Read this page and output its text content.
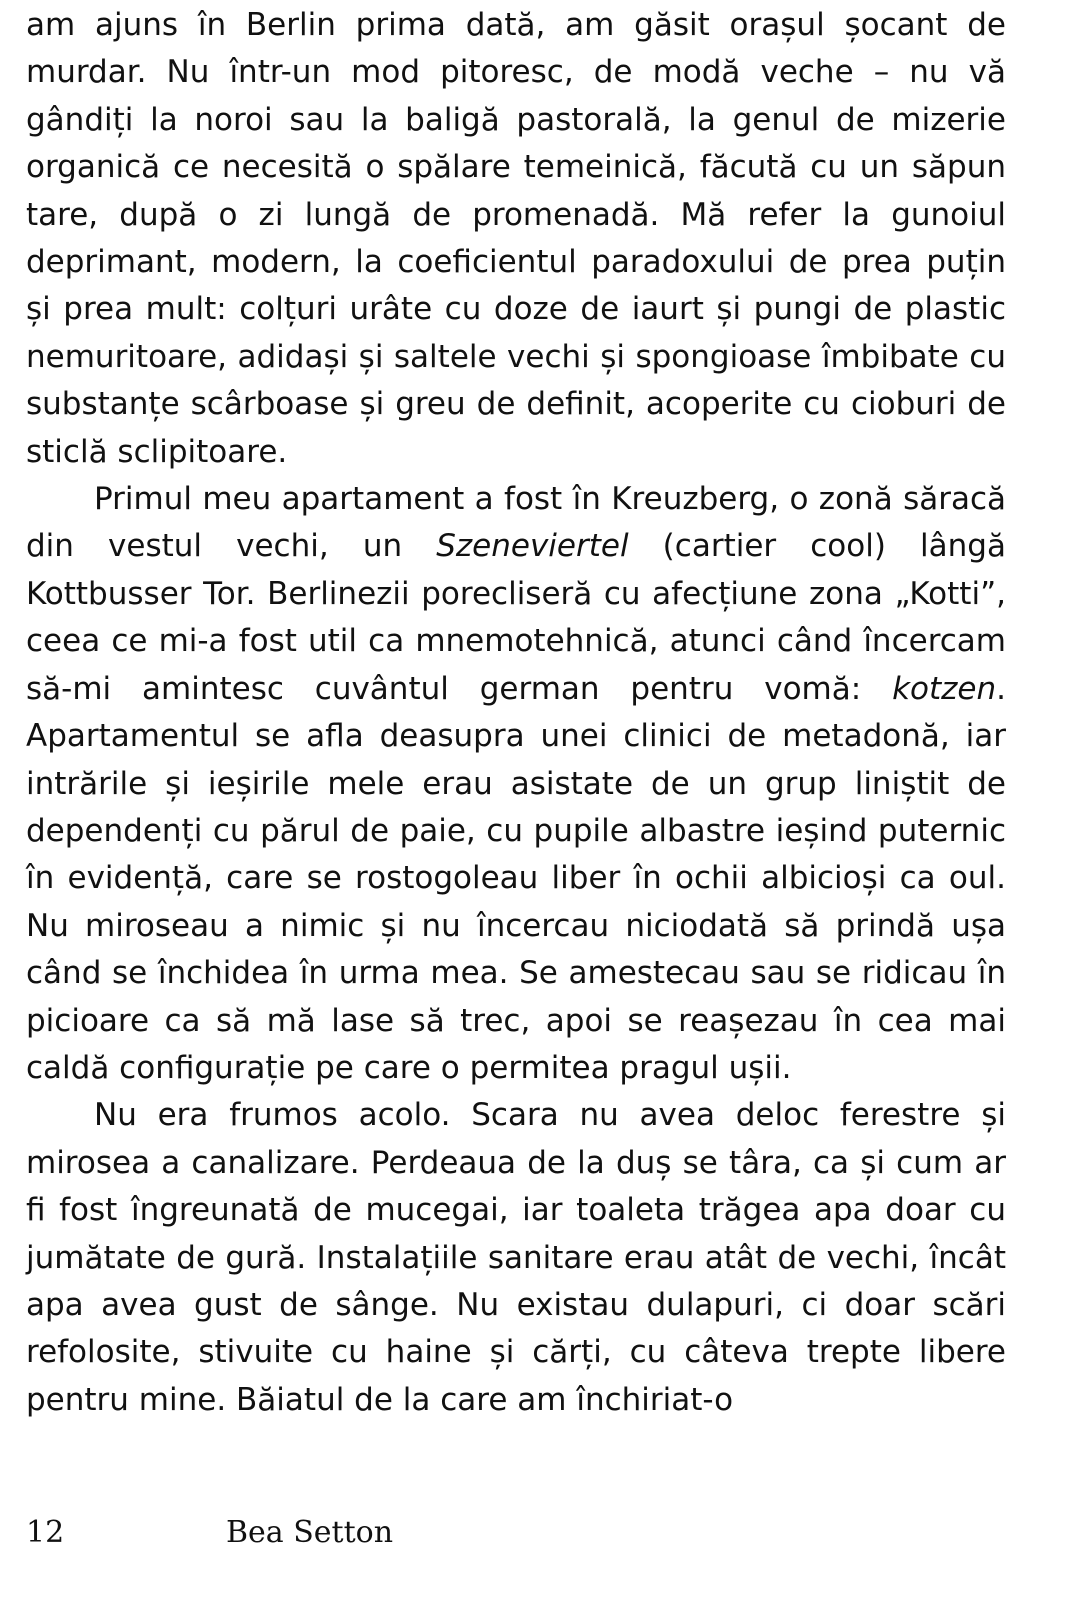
am ajuns în Berlin prima dată, am găsit orașul șocant de murdar. Nu într-un mod pitoresc, de modă veche – nu vă gândiți la noroi sau la baligă pastorală, la genul de mizerie organică ce necesită o spălare temeinică, făcută cu un săpun tare, după o zi lungă de promenadă. Mă refer la gunoiul deprimant, modern, la coeficientul paradoxului de prea puțin și prea mult: colțuri urâte cu doze de iaurt și pungi de plastic nemuritoare, adidași și saltele vechi și spongioase îmbibate cu substanțe scârboase și greu de definit, acoperite cu cioburi de sticlă sclipitoare.

Primul meu apartament a fost în Kreuzberg, o zonă săracă din vestul vechi, un Szeneviertel (cartier cool) lângă Kottbusser Tor. Berlinezii porecliseră cu afecțiune zona „Kotti”, ceea ce mi-a fost util ca mnemotehnică, atunci când încercam să-mi amintesc cuvântul german pentru vomă: kotzen. Apartamentul se afla deasupra unei clinici de metadonă, iar intrările și ieșirile mele erau asistate de un grup liniștit de dependenți cu părul de paie, cu pupile albastre ieșind puternic în evidență, care se rostogoleau liber în ochii albicioși ca oul. Nu miroseau a nimic și nu încercau niciodată să prindă ușa când se închidea în urma mea. Se amestecau sau se ridicau în picioare ca să mă lase să trec, apoi se reașezau în cea mai caldă configurație pe care o permitea pragul ușii.

Nu era frumos acolo. Scara nu avea deloc ferestre și mirosea a canalizare. Perdeaua de la duș se târa, ca și cum ar fi fost îngreunată de mucegai, iar toaleta trăgea apa doar cu jumătate de gură. Instalațiile sanitare erau atât de vechi, încât apa avea gust de sânge. Nu existau dulapuri, ci doar scări refolosite, stivuite cu haine și cărți, cu câteva trepte libere pentru mine. Băiatul de la care am închiriat-o

12	Bea Setton
